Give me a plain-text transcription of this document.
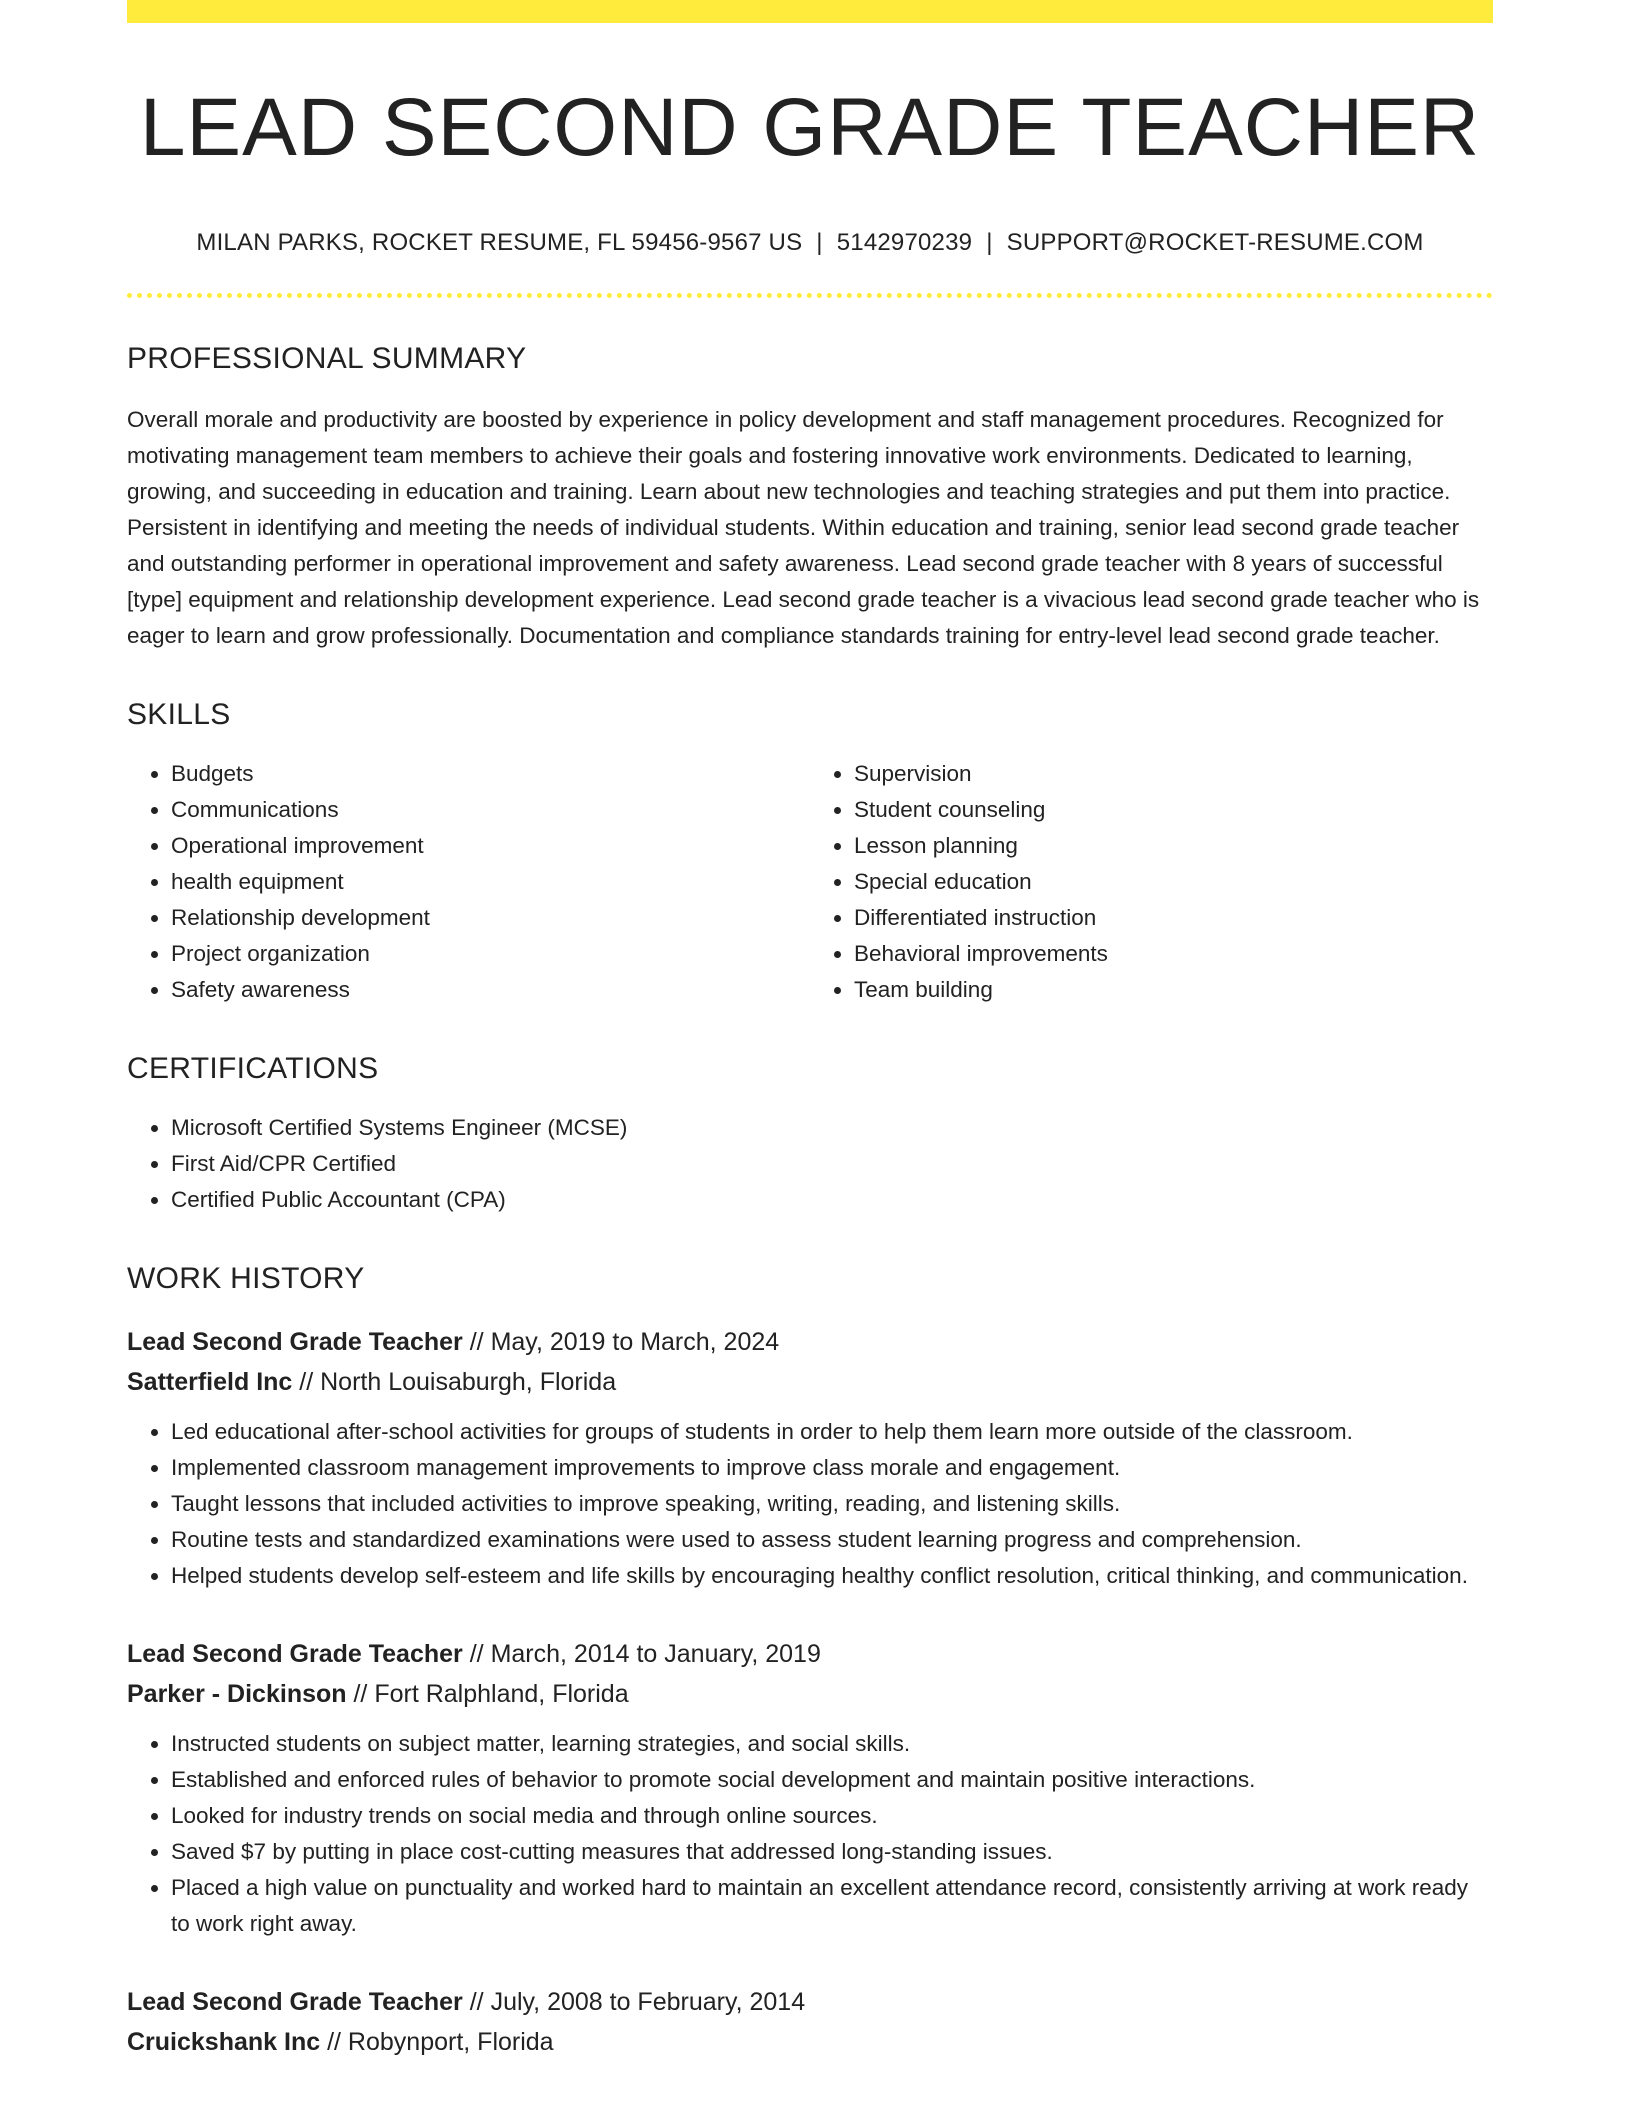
LEAD SECOND GRADE TEACHER
MILAN PARKS, ROCKET RESUME, FL 59456-9567 US | 5142970239 | SUPPORT@ROCKET-RESUME.COM
PROFESSIONAL SUMMARY

Overall morale and productivity are boosted by experience in policy development and staff management procedures. Recognized for motivating management team members to achieve their goals and fostering innovative work environments. Dedicated to learning, growing, and succeeding in education and training. Learn about new technologies and teaching strategies and put them into practice. Persistent in identifying and meeting the needs of individual students. Within education and training, senior lead second grade teacher and outstanding performer in operational improvement and safety awareness. Lead second grade teacher with 8 years of successful [type] equipment and relationship development experience. Lead second grade teacher is a vivacious lead second grade teacher who is eager to learn and grow professionally. Documentation and compliance standards training for entry-level lead second grade teacher.

SKILLS
• Budgets
• Communications
• Operational improvement
• health equipment
• Relationship development
• Project organization
• Safety awareness
• Supervision
• Student counseling
• Lesson planning
• Special education
• Differentiated instruction
• Behavioral improvements
• Team building
CERTIFICATIONS
• Microsoft Certified Systems Engineer (MCSE)
• First Aid/CPR Certified
• Certified Public Accountant (CPA)
WORK HISTORY
Lead Second Grade Teacher // May, 2019 to March, 2024
Satterfield Inc // North Louisaburgh, Florida
• Led educational after-school activities for groups of students in order to help them learn more outside of the classroom.
• Implemented classroom management improvements to improve class morale and engagement.
• Taught lessons that included activities to improve speaking, writing, reading, and listening skills.
• Routine tests and standardized examinations were used to assess student learning progress and comprehension.
• Helped students develop self-esteem and life skills by encouraging healthy conflict resolution, critical thinking, and communication.
Lead Second Grade Teacher // March, 2014 to January, 2019
Parker - Dickinson // Fort Ralphland, Florida
• Instructed students on subject matter, learning strategies, and social skills.
• Established and enforced rules of behavior to promote social development and maintain positive interactions.
• Looked for industry trends on social media and through online sources.
• Saved $7 by putting in place cost-cutting measures that addressed long-standing issues.
• Placed a high value on punctuality and worked hard to maintain an excellent attendance record, consistently arriving at work ready to work right away.
Lead Second Grade Teacher // July, 2008 to February, 2014
Cruickshank Inc // Robynport, Florida
